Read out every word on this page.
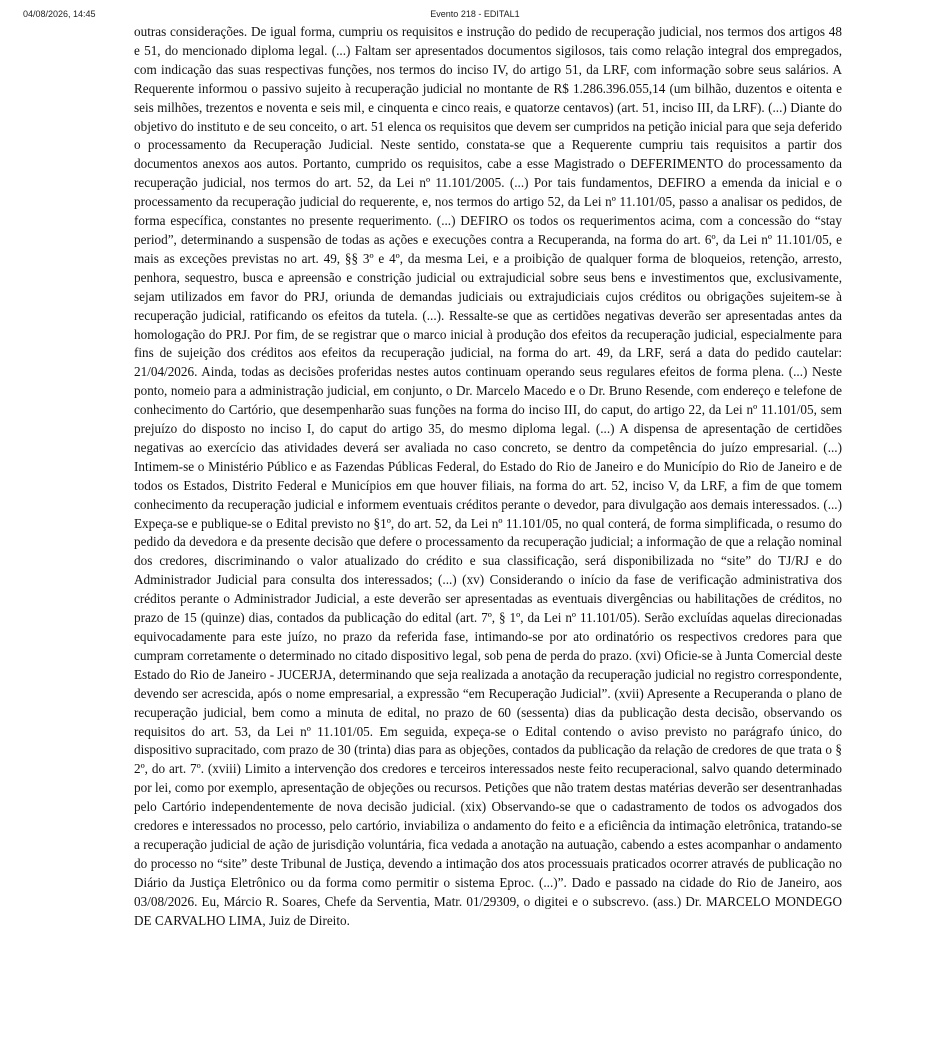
04/08/2026, 14:45	Evento 218 - EDITAL1

outras considerações. De igual forma, cumpriu os requisitos e instrução do pedido de recuperação judicial, nos termos dos artigos 48 e 51, do mencionado diploma legal. (...) Faltam ser apresentados documentos sigilosos, tais como relação integral dos empregados, com indicação das suas respectivas funções, nos termos do inciso IV, do artigo 51, da LRF, com informação sobre seus salários. A Requerente informou o passivo sujeito à recuperação judicial no montante de R$ 1.286.396.055,14 (um bilhão, duzentos e oitenta e seis milhões, trezentos e noventa e seis mil, e cinquenta e cinco reais, e quatorze centavos) (art. 51, inciso III, da LRF). (...) Diante do objetivo do instituto e de seu conceito, o art. 51 elenca os requisitos que devem ser cumpridos na petição inicial para que seja deferido o processamento da Recuperação Judicial. Neste sentido, constata-se que a Requerente cumpriu tais requisitos a partir dos documentos anexos aos autos. Portanto, cumprido os requisitos, cabe a esse Magistrado o DEFERIMENTO do processamento da recuperação judicial, nos termos do art. 52, da Lei nº 11.101/2005. (...) Por tais fundamentos, DEFIRO a emenda da inicial e o processamento da recuperação judicial do requerente, e, nos termos do artigo 52, da Lei nº 11.101/05, passo a analisar os pedidos, de forma específica, constantes no presente requerimento. (...) DEFIRO os todos os requerimentos acima, com a concessão do “stay period”, determinando a suspensão de todas as ações e execuções contra a Recuperanda, na forma do art. 6º, da Lei nº 11.101/05, e mais as exceções previstas no art. 49, §§ 3º e 4º, da mesma Lei, e a proibição de qualquer forma de bloqueios, retenção, arresto, penhora, sequestro, busca e apreensão e constrição judicial ou extrajudicial sobre seus bens e investimentos que, exclusivamente, sejam utilizados em favor do PRJ, oriunda de demandas judiciais ou extrajudiciais cujos créditos ou obrigações sujeitem-se à recuperação judicial, ratificando os efeitos da tutela. (...). Ressalte-se que as certidões negativas deverão ser apresentadas antes da homologação do PRJ. Por fim, de se registrar que o marco inicial à produção dos efeitos da recuperação judicial, especialmente para fins de sujeição dos créditos aos efeitos da recuperação judicial, na forma do art. 49, da LRF, será a data do pedido cautelar: 21/04/2026. Ainda, todas as decisões proferidas nestes autos continuam operando seus regulares efeitos de forma plena. (...) Neste ponto, nomeio para a administração judicial, em conjunto, o Dr. Marcelo Macedo e o Dr. Bruno Resende, com endereço e telefone de conhecimento do Cartório, que desempenharão suas funções na forma do inciso III, do caput, do artigo 22, da Lei nº 11.101/05, sem prejuízo do disposto no inciso I, do caput do artigo 35, do mesmo diploma legal. (...) A dispensa de apresentação de certidões negativas ao exercício das atividades deverá ser avaliada no caso concreto, se dentro da competência do juízo empresarial. (...) Intimem-se o Ministério Público e as Fazendas Públicas Federal, do Estado do Rio de Janeiro e do Município do Rio de Janeiro e de todos os Estados, Distrito Federal e Municípios em que houver filiais, na forma do art. 52, inciso V, da LRF, a fim de que tomem conhecimento da recuperação judicial e informem eventuais créditos perante o devedor, para divulgação aos demais interessados. (...) Expeça-se e publique-se o Edital previsto no §1º, do art. 52, da Lei nº 11.101/05, no qual conterá, de forma simplificada, o resumo do pedido da devedora e da presente decisão que defere o processamento da recuperação judicial; a informação de que a relação nominal dos credores, discriminando o valor atualizado do crédito e sua classificação, será disponibilizada no “site” do TJ/RJ e do Administrador Judicial para consulta dos interessados; (...) (xv) Considerando o início da fase de verificação administrativa dos créditos perante o Administrador Judicial, a este deverão ser apresentadas as eventuais divergências ou habilitações de créditos, no prazo de 15 (quinze) dias, contados da publicação do edital (art. 7º, § 1º, da Lei nº 11.101/05). Serão excluídas aquelas direcionadas equivocadamente para este juízo, no prazo da referida fase, intimando-se por ato ordinatório os respectivos credores para que cumpram corretamente o determinado no citado dispositivo legal, sob pena de perda do prazo. (xvi) Oficie-se à Junta Comercial deste Estado do Rio de Janeiro - JUCERJA, determinando que seja realizada a anotação da recuperação judicial no registro correspondente, devendo ser acrescida, após o nome empresarial, a expressão “em Recuperação Judicial”. (xvii) Apresente a Recuperanda o plano de recuperação judicial, bem como a minuta de edital, no prazo de 60 (sessenta) dias da publicação desta decisão, observando os requisitos do art. 53, da Lei nº 11.101/05. Em seguida, expeça-se o Edital contendo o aviso previsto no parágrafo único, do dispositivo supracitado, com prazo de 30 (trinta) dias para as objeções, contados da publicação da relação de credores de que trata o § 2º, do art. 7º. (xviii) Limito a intervenção dos credores e terceiros interessados neste feito recuperacional, salvo quando determinado por lei, como por exemplo, apresentação de objeções ou recursos. Petições que não tratem destas matérias deverão ser desentranhadas pelo Cartório independentemente de nova decisão judicial. (xix) Observando-se que o cadastramento de todos os advogados dos credores e interessados no processo, pelo cartório, inviabiliza o andamento do feito e a eficiência da intimação eletrônica, tratando-se a recuperação judicial de ação de jurisdição voluntária, fica vedada a anotação na autuação, cabendo a estes acompanhar o andamento do processo no “site” deste Tribunal de Justiça, devendo a intimação dos atos processuais praticados ocorrer através de publicação no Diário da Justiça Eletrônico ou da forma como permitir o sistema Eproc. (...)”. Dado e passado na cidade do Rio de Janeiro, aos 03/08/2026. Eu, Márcio R. Soares, Chefe da Serventia, Matr. 01/29309, o digitei e o subscrevo. (ass.) Dr. MARCELO MONDEGO DE CARVALHO LIMA, Juiz de Direito.
